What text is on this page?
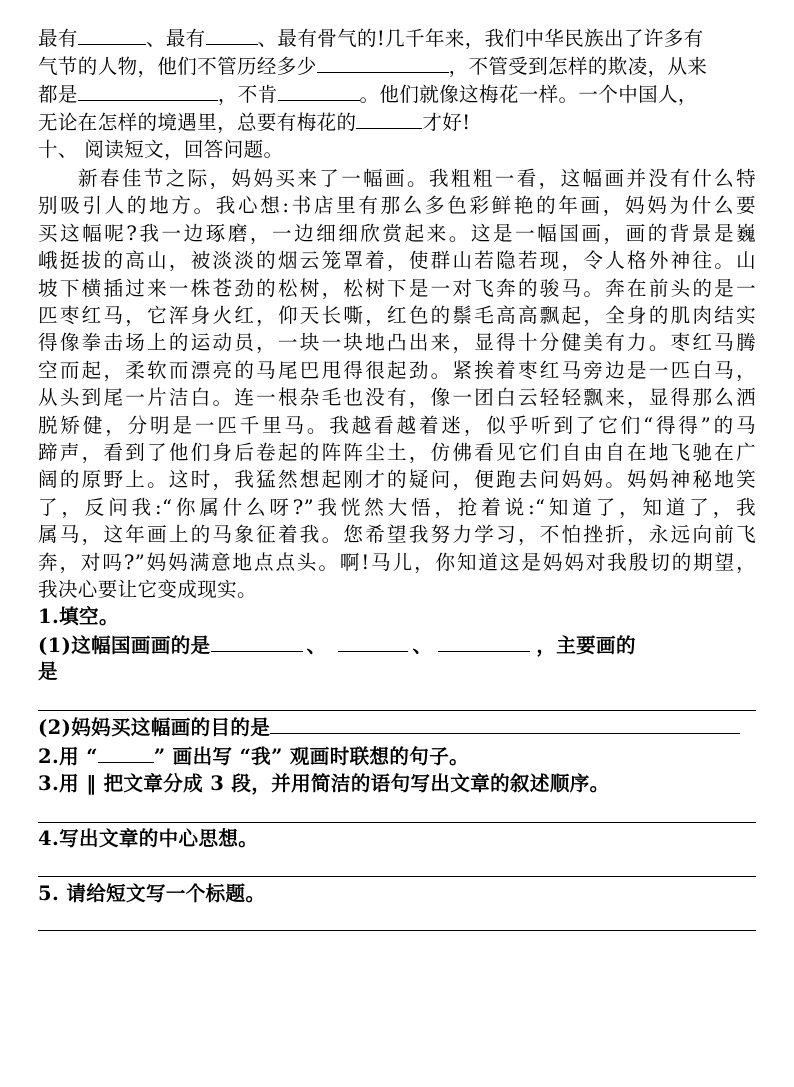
最有	、最有	、最有骨气的!几千年来，我们中华民族出了许多有
气节的人物，他们不管历经多少	，不管受到怎样的欺凌，从来
都是	，不肯	。他们就像这梅花一样。一个中国人，
无论在怎样的境遇里，总要有梅花的	才好!
十、 阅读短文，回答问题。
新春佳节之际，妈妈买来了一幅画。我粗粗一看，这幅画并没有什么特
别吸引人的地方。我心想:书店里有那么多色彩鲜艳的年画，妈妈为什么要
买这幅呢?我一边琢磨，一边细细欣赏起来。这是一幅国画，画的背景是巍
峨挺拔的高山，被淡淡的烟云笼罩着，使群山若隐若现，令人格外神往。山
坡下横插过来一株苍劲的松树，松树下是一对飞奔的骏马。奔在前头的是一
匹枣红马，它浑身火红，仰天长嘶，红色的鬃毛高高飘起，全身的肌肉结实
得像拳击场上的运动员，一块一块地凸出来，显得十分健美有力。枣红马腾
空而起，柔软而漂亮的马尾巴甩得很起劲。紧挨着枣红马旁边是一匹白马，
从头到尾一片洁白。连一根杂毛也没有，像一团白云轻轻飘来，显得那么洒
脱矫健，分明是一匹千里马。我越看越着迷，似乎听到了它们“得得”的马
蹄声，看到了他们身后卷起的阵阵尘土，仿佛看见它们自由自在地飞驰在广
阔的原野上。这时，我猛然想起刚才的疑问，便跑去问妈妈。妈妈神秘地笑
了，反问我:“你属什么呀?”我恍然大悟，抢着说:“知道了，知道了，我
属马，这年画上的马象征着我。您希望我努力学习，不怕挫折，永远向前飞
奔，对吗?”妈妈满意地点点头。啊!马儿，你知道这是妈妈对我殷切的期望，
我决心要让它变成现实。
1.填空。
(1)这幅国画画的是	、	、	，主要画的
是
(2)妈妈买这幅画的目的是
2.用 “	” 画出写 “我” 观画时联想的句子。
3.用 ‖ 把文章分成 3 段，并用简洁的语句写出文章的叙述顺序。
4.写出文章的中心思想。
5. 请给短文写一个标题。
